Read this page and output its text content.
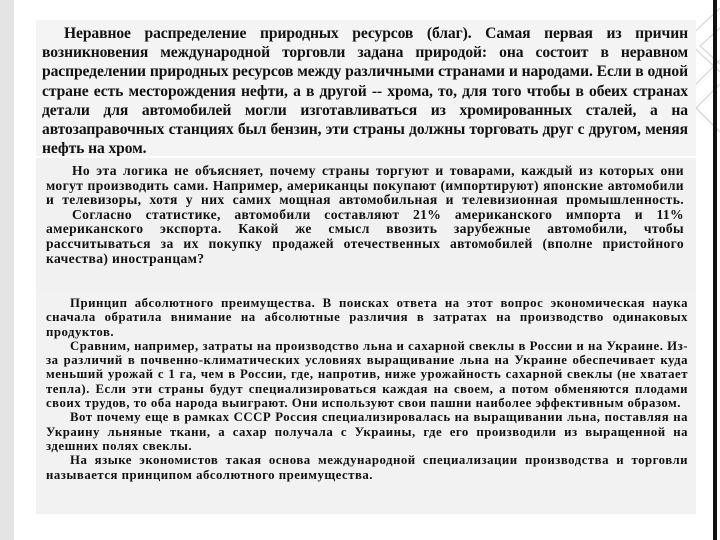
Неравное распределение природных ресурсов (благ). Самая первая из причин возникновения международной торговли задана природой: она состоит в неравном распределении природных ресурсов между различными странами и народами. Если в одной стране есть месторождения нефти, а в другой -- хрома, то, для того чтобы в обеих странах детали для автомобилей могли изготавливаться из хромированных сталей, а на автозаправочных станциях был бензин, эти страны должны торговать друг с другом, меняя нефть на хром.

Но эта логика не объясняет, почему страны торгуют и товарами, каждый из которых они могут производить сами. Например, американцы покупают (импортируют) японские автомобили и телевизоры, хотя у них самих мощная автомобильная и телевизионная промышленность.

Согласно статистике, автомобили составляют 21% американского импорта и 11% американского экспорта. Какой же смысл ввозить зарубежные автомобили, чтобы рассчитываться за их покупку продажей отечественных автомобилей (вполне пристойного качества) иностранцам?

Принцип абсолютного преимущества. В поисках ответа на этот вопрос экономическая наука сначала обратила внимание на абсолютные различия в затратах на производство одинаковых продуктов.

Сравним, например, затраты на производство льна и сахарной свеклы в России и на Украине. Из-за различий в почвенно-климатических условиях выращивание льна на Украине обеспечивает куда меньший урожай с 1 га, чем в России, где, напротив, ниже урожайность сахарной свеклы (не хватает тепла). Если эти страны будут специализироваться каждая на своем, а потом обменяются плодами своих трудов, то оба народа выиграют. Они используют свои пашни наиболее эффективным образом.

Вот почему еще в рамках СССР Россия специализировалась на выращивании льна, поставляя на Украину льняные ткани, а сахар получала с Украины, где его производили из выращенной на здешних полях свеклы.

На языке экономистов такая основа международной специализации производства и торговли называется принципом абсолютного преимущества.
